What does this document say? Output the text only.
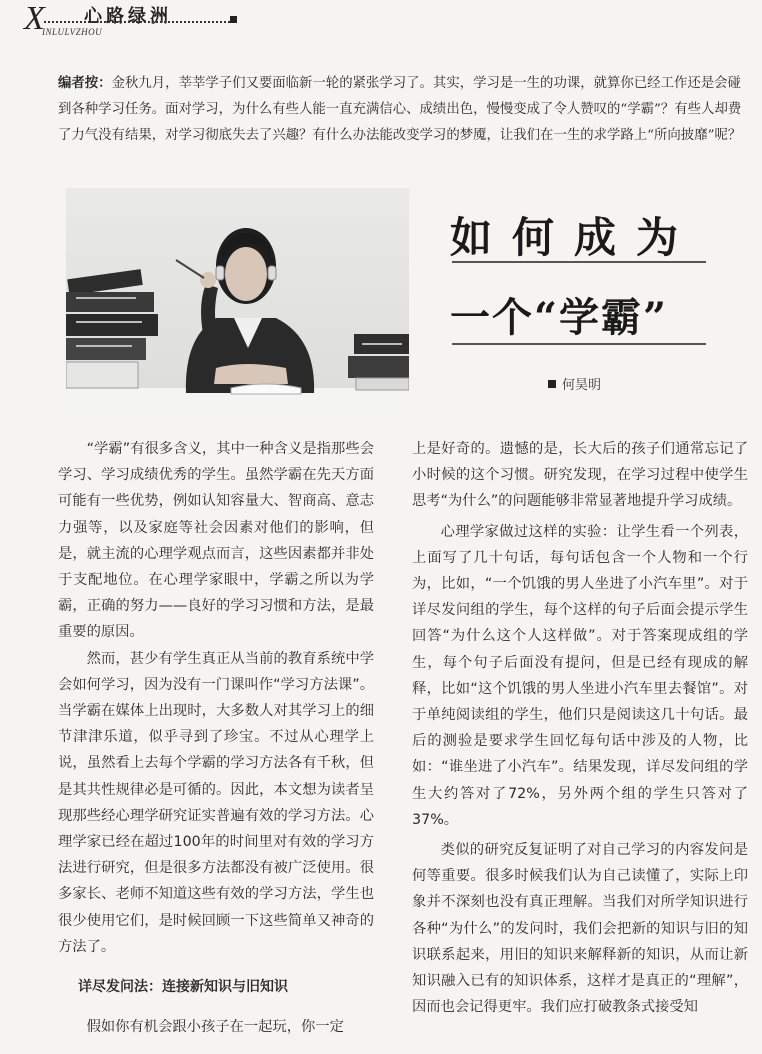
X 心路绿洲
INLULVZHOU
编者按：金秋九月，莘莘学子们又要面临新一轮的紧张学习了。其实，学习是一生的功课，就算你已经工作还是会碰到各种学习任务。面对学习，为什么有些人能一直充满信心、成绩出色，慢慢变成了令人赞叹的“学霸”？有些人却费了力气没有结果，对学习彻底失去了兴趣？有什么办法能改变学习的梦魇，让我们在一生的求学路上“所向披靡”呢？
如何成为
一个“学霸”
何昊明

“学霸”有很多含义，其中一种含义是指那些会学习、学习成绩优秀的学生。虽然学霸在先天方面可能有一些优势，例如认知容量大、智商高、意志力强等，以及家庭等社会因素对他们的影响，但是，就主流的心理学观点而言，这些因素都并非处于支配地位。在心理学家眼中，学霸之所以为学霸，正确的努力——良好的学习习惯和方法，是最重要的原因。

然而，甚少有学生真正从当前的教育系统中学会如何学习，因为没有一门课叫作“学习方法课”。当学霸在媒体上出现时，大多数人对其学习上的细节津津乐道，似乎寻到了珍宝。不过从心理学上说，虽然看上去每个学霸的学习方法各有千秋，但是其共性规律必是可循的。因此，本文想为读者呈现那些经心理学研究证实普遍有效的学习方法。心理学家已经在超过100年的时间里对有效的学习方法进行研究，但是很多方法都没有被广泛使用。很多家长、老师不知道这些有效的学习方法，学生也很少使用它们，是时候回顾一下这些简单又神奇的方法了。

详尽发问法：连接新知识与旧知识

假如你有机会跟小孩子在一起玩，你一定

上是好奇的。遗憾的是，长大后的孩子们通常忘记了小时候的这个习惯。研究发现，在学习过程中使学生思考“为什么”的问题能够非常显著地提升学习成绩。

心理学家做过这样的实验：让学生看一个列表，上面写了几十句话，每句话包含一个人物和一个行为，比如，“一个饥饿的男人坐进了小汽车里”。对于详尽发问组的学生，每个这样的句子后面会提示学生回答“为什么这个人这样做”。对于答案现成组的学生，每个句子后面没有提问，但是已经有现成的解释，比如“这个饥饿的男人坐进小汽车里去餐馆”。对于单纯阅读组的学生，他们只是阅读这几十句话。最后的测验是要求学生回忆每句话中涉及的人物，比如：“谁坐进了小汽车”。结果发现，详尽发问组的学生大约答对了72%，另外两个组的学生只答对了37%。

类似的研究反复证明了对自己学习的内容发问是何等重要。很多时候我们认为自己读懂了，实际上印象并不深刻也没有真正理解。当我们对所学知识进行各种“为什么”的发问时，我们会把新的知识与旧的知识联系起来，用旧的知识来解释新的知识，从而让新知识融入已有的知识体系，这样才是真正的“理解”，因而也会记得更牢。我们应打破教条式接受知
